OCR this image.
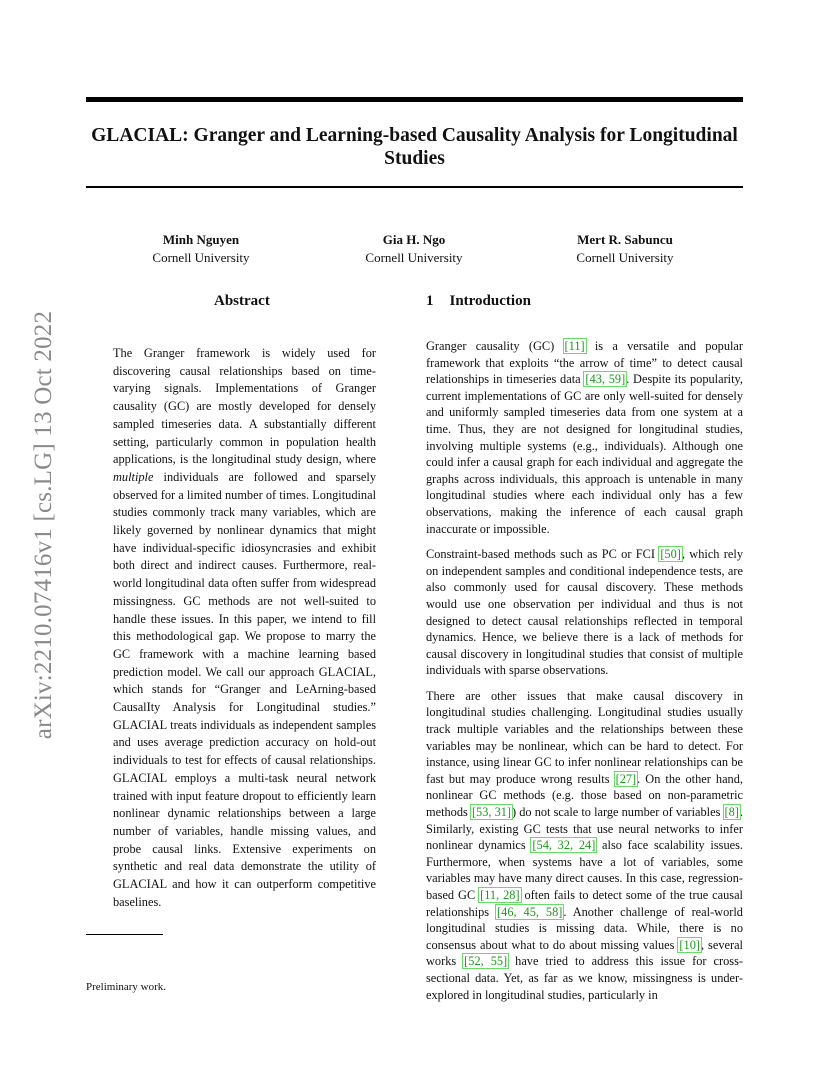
GLACIAL: Granger and Learning-based Causality Analysis for Longitudinal Studies
Minh Nguyen
Cornell University
Gia H. Ngo
Cornell University
Mert R. Sabuncu
Cornell University
arXiv:2210.07416v1 [cs.LG] 13 Oct 2022
Abstract

The Granger framework is widely used for discovering causal relationships based on time-varying signals. Implementations of Granger causality (GC) are mostly developed for densely sampled timeseries data. A substantially different setting, particularly common in population health applications, is the longitudinal study design, where multiple individuals are followed and sparsely observed for a limited number of times. Longitudinal studies commonly track many variables, which are likely governed by nonlinear dynamics that might have individual-specific idiosyncrasies and exhibit both direct and indirect causes. Furthermore, real-world longitudinal data often suffer from widespread missingness. GC methods are not well-suited to handle these issues. In this paper, we intend to fill this methodological gap. We propose to marry the GC framework with a machine learning based prediction model. We call our approach GLACIAL, which stands for “Granger and LeArning-based CausalIty Analysis for Longitudinal studies.” GLACIAL treats individuals as independent samples and uses average prediction accuracy on hold-out individuals to test for effects of causal relationships. GLACIAL employs a multi-task neural network trained with input feature dropout to efficiently learn nonlinear dynamic relationships between a large number of variables, handle missing values, and probe causal links. Extensive experiments on synthetic and real data demonstrate the utility of GLACIAL and how it can outperform competitive baselines.

1 Introduction

Granger causality (GC) [11] is a versatile and popular framework that exploits “the arrow of time” to detect causal relationships in timeseries data [43, 59]. Despite its popularity, current implementations of GC are only well-suited for densely and uniformly sampled timeseries data from one system at a time. Thus, they are not designed for longitudinal studies, involving multiple systems (e.g., individuals). Although one could infer a causal graph for each individual and aggregate the graphs across individuals, this approach is untenable in many longitudinal studies where each individual only has a few observations, making the inference of each causal graph inaccurate or impossible.

Constraint-based methods such as PC or FCI [50], which rely on independent samples and conditional independence tests, are also commonly used for causal discovery. These methods would use one observation per individual and thus is not designed to detect causal relationships reflected in temporal dynamics. Hence, we believe there is a lack of methods for causal discovery in longitudinal studies that consist of multiple individuals with sparse observations.

There are other issues that make causal discovery in longitudinal studies challenging. Longitudinal studies usually track multiple variables and the relationships between these variables may be nonlinear, which can be hard to detect. For instance, using linear GC to infer nonlinear relationships can be fast but may produce wrong results [27]. On the other hand, nonlinear GC methods (e.g. those based on non-parametric methods [53, 31]) do not scale to large number of variables [8]. Similarly, existing GC tests that use neural networks to infer nonlinear dynamics [54, 32, 24] also face scalability issues. Furthermore, when systems have a lot of variables, some variables may have many direct causes. In this case, regression-based GC [11, 28] often fails to detect some of the true causal relationships [46, 45, 58]. Another challenge of real-world longitudinal studies is missing data. While, there is no consensus about what to do about missing values [10], several works [52, 55] have tried to address this issue for cross-sectional data. Yet, as far as we know, missingness is under-explored in longitudinal studies, particularly in

Preliminary work.
